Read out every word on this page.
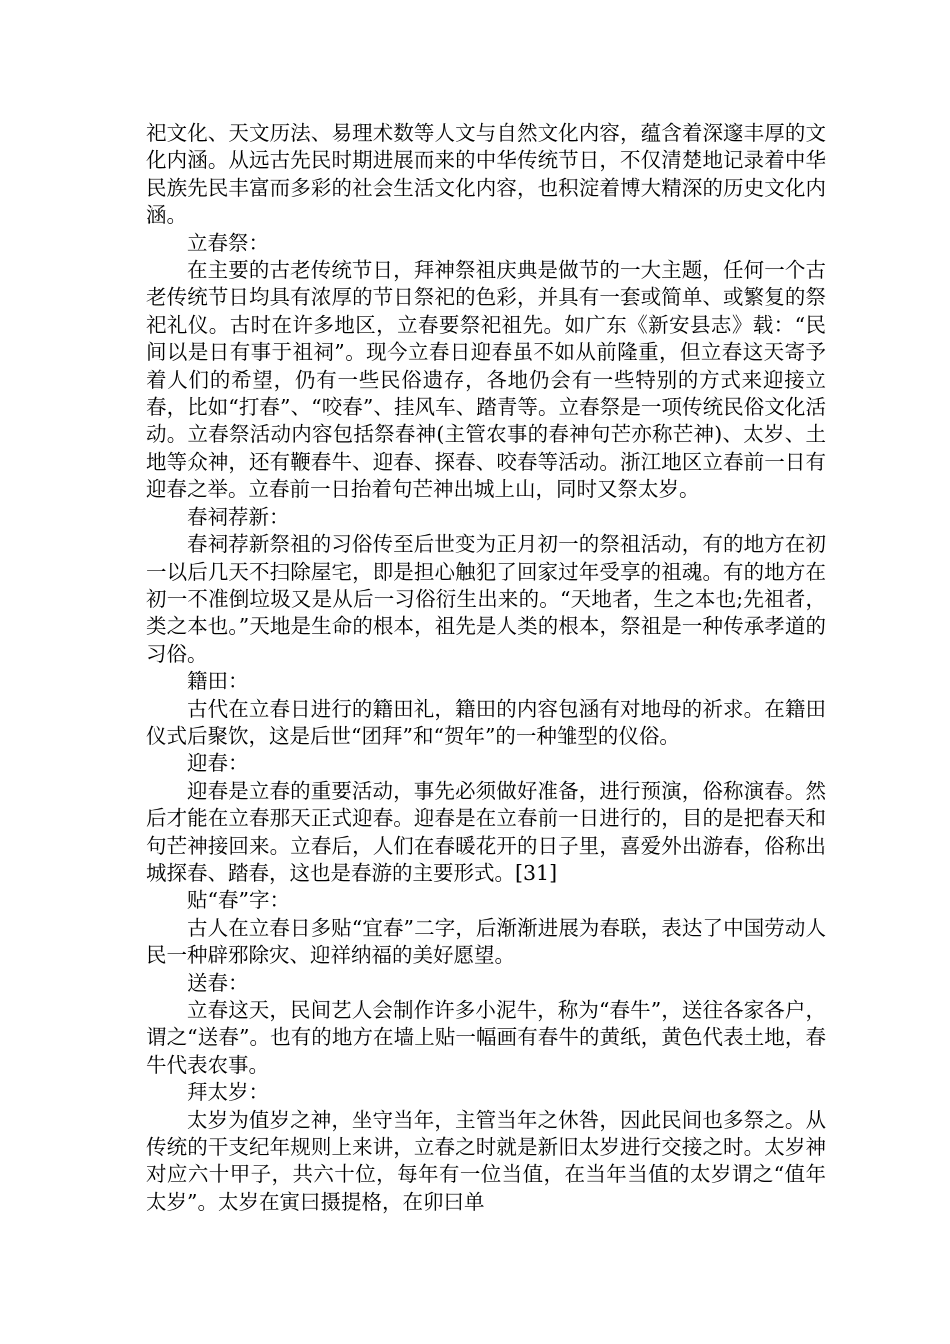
祀文化、天文历法、易理术数等人文与自然文化内容，蕴含着深邃丰厚的文化内涵。从远古先民时期进展而来的中华传统节日，不仅清楚地记录着中华民族先民丰富而多彩的社会生活文化内容，也积淀着博大精深的历史文化内涵。

立春祭：

在主要的古老传统节日，拜神祭祖庆典是做节的一大主题，任何一个古老传统节日均具有浓厚的节日祭祀的色彩，并具有一套或简单、或繁复的祭祀礼仪。古时在许多地区，立春要祭祀祖先。如广东《新安县志》载：“民间以是日有事于祖祠”。现今立春日迎春虽不如从前隆重，但立春这天寄予着人们的希望，仍有一些民俗遗存，各地仍会有一些特别的方式来迎接立春，比如“打春”、“咬春”、挂风车、踏青等。立春祭是一项传统民俗文化活动。立春祭活动内容包括祭春神(主管农事的春神句芒亦称芒神)、太岁、土地等众神，还有鞭春牛、迎春、探春、咬春等活动。浙江地区立春前一日有迎春之举。立春前一日抬着句芒神出城上山，同时又祭太岁。

春祠荐新：

春祠荐新祭祖的习俗传至后世变为正月初一的祭祖活动，有的地方在初一以后几天不扫除屋宅，即是担心触犯了回家过年受享的祖魂。有的地方在初一不准倒垃圾又是从后一习俗衍生出来的。“天地者，生之本也;先祖者，类之本也。”天地是生命的根本，祖先是人类的根本，祭祖是一种传承孝道的习俗。

籍田：

古代在立春日进行的籍田礼，籍田的内容包涵有对地母的祈求。在籍田仪式后聚饮，这是后世“团拜”和“贺年”的一种雏型的仪俗。

迎春：

迎春是立春的重要活动，事先必须做好准备，进行预演，俗称演春。然后才能在立春那天正式迎春。迎春是在立春前一日进行的，目的是把春天和句芒神接回来。立春后，人们在春暖花开的日子里，喜爱外出游春，俗称出城探春、踏春，这也是春游的主要形式。[31]

贴“春”字：

古人在立春日多贴“宜春”二字，后渐渐进展为春联，表达了中国劳动人民一种辟邪除灾、迎祥纳福的美好愿望。

送春：

立春这天，民间艺人会制作许多小泥牛，称为“春牛”，送往各家各户，谓之“送春”。也有的地方在墙上贴一幅画有春牛的黄纸，黄色代表土地，春牛代表农事。

拜太岁：

太岁为值岁之神，坐守当年，主管当年之休咎，因此民间也多祭之。从传统的干支纪年规则上来讲，立春之时就是新旧太岁进行交接之时。太岁神对应六十甲子，共六十位，每年有一位当值，在当年当值的太岁谓之“值年太岁”。太岁在寅曰摄提格，在卯曰单
